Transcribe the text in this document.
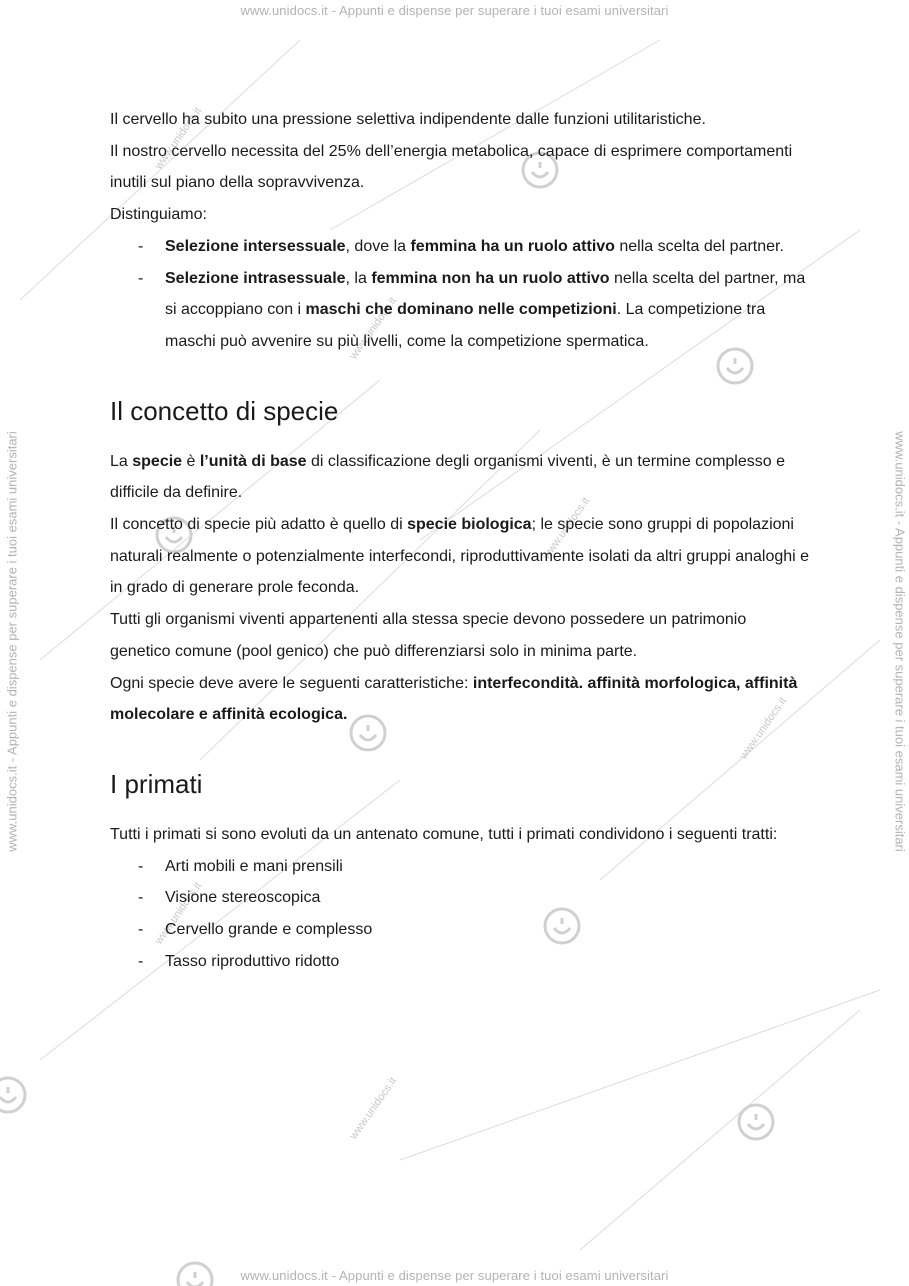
www.unidocs.it - Appunti e dispense per superare i tuoi esami universitari
www.unidocs.it - Appunti e dispense per superare i tuoi esami universitari
www.unidocs.it - Appunti e dispense per superare i tuoi esami universitari	www.unidocs.it - Appunti e dispense per superare i tuoi esami universitari
www.unidocs.it
www.unidocs.it
www.unidocs.it
www.unidocs.it
www.unidocs.it
www.unidocs.it

Il cervello ha subito una pressione selettiva indipendente dalle funzioni utilitaristiche.

Il nostro cervello necessita del 25% dell’energia metabolica, capace di esprimere comportamenti inutili sul piano della sopravvivenza.

Distinguiamo:

- Selezione intersessuale, dove la femmina ha un ruolo attivo nella scelta del partner.
- Selezione intrasessuale, la femmina non ha un ruolo attivo nella scelta del partner, ma si accoppiano con i maschi che dominano nelle competizioni. La competizione tra maschi può avvenire su più livelli, come la competizione spermatica.
Il concetto di specie

La specie è l’unità di base di classificazione degli organismi viventi, è un termine complesso e difficile da definire.

Il concetto di specie più adatto è quello di specie biologica; le specie sono gruppi di popolazioni naturali realmente o potenzialmente interfecondi, riproduttivamente isolati da altri gruppi analoghi e in grado di generare prole feconda.

Tutti gli organismi viventi appartenenti alla stessa specie devono possedere un patrimonio genetico comune (pool genico) che può differenziarsi solo in minima parte.

Ogni specie deve avere le seguenti caratteristiche: interfecondità. affinità morfologica, affinità molecolare e affinità ecologica.

I primati

Tutti i primati si sono evoluti da un antenato comune, tutti i primati condividono i seguenti tratti:

- Arti mobili e mani prensili
- Visione stereoscopica
- Cervello grande e complesso
- Tasso riproduttivo ridotto
